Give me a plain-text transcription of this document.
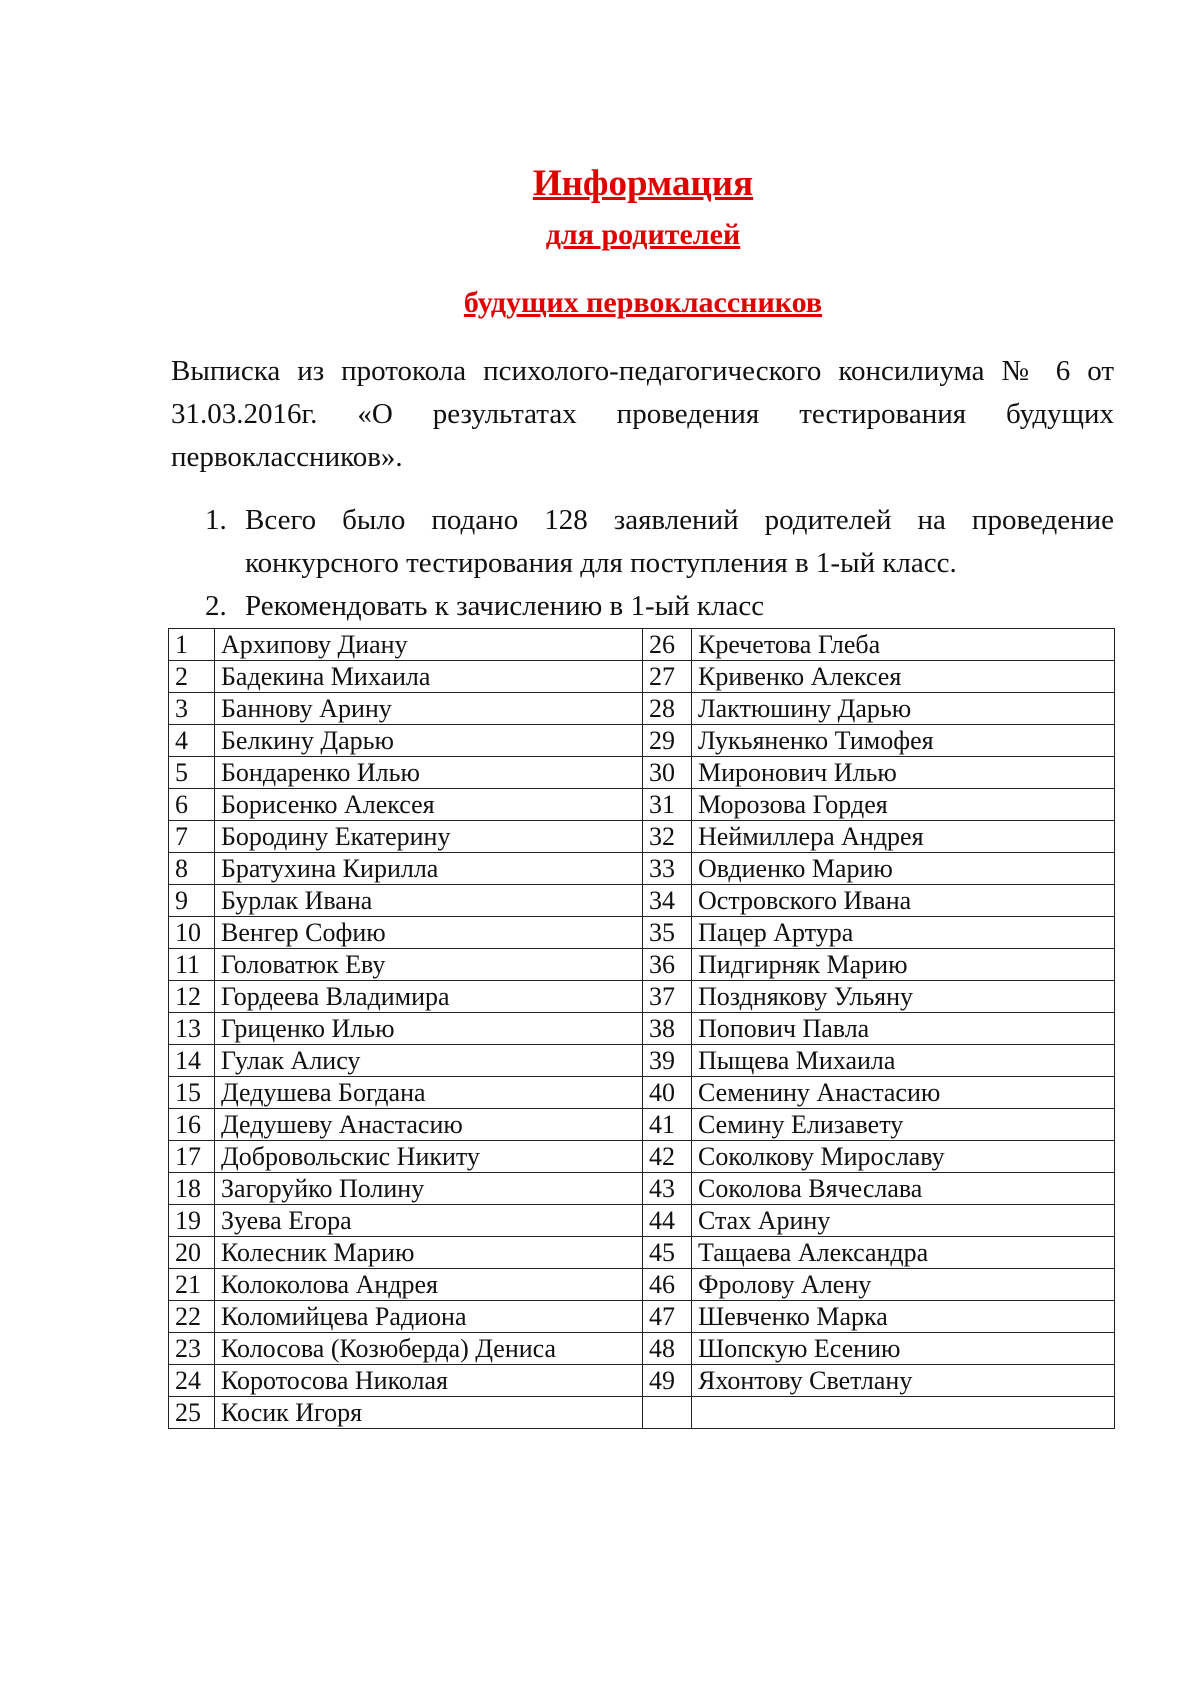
Информация
для родителей
будущих первоклассников
Выписка из протокола психолого-педагогического консилиума № 6 от 31.03.2016г. «О результатах проведения тестирования будущих первоклассников».
1. Всего было подано 128 заявлений родителей на проведение конкурсного тестирования для поступления в 1-ый класс.
2. Рекомендовать к зачислению в 1-ый класс
1	Архипову Диану	26	Кречетова Глеба
2	Бадекина Михаила	27	Кривенко Алексея
3	Баннову Арину	28	Лактюшину Дарью
4	Белкину Дарью	29	Лукьяненко Тимофея
5	Бондаренко Илью	30	Миронович Илью
6	Борисенко Алексея	31	Морозова Гордея
7	Бородину Екатерину	32	Неймиллера Андрея
8	Братухина Кирилла	33	Овдиенко Марию
9	Бурлак Ивана	34	Островского Ивана
10	Венгер Софию	35	Пацер Артура
11	Головатюк Еву	36	Пидгирняк Марию
12	Гордеева Владимира	37	Позднякову Ульяну
13	Гриценко Илью	38	Попович Павла
14	Гулак Алису	39	Пыщева Михаила
15	Дедушева Богдана	40	Семенину Анастасию
16	Дедушеву Анастасию	41	Семину Елизавету
17	Добровольскис Никиту	42	Соколкову Мирославу
18	Загоруйко Полину	43	Соколова Вячеслава
19	Зуева Егора	44	Стах Арину
20	Колесник Марию	45	Тащаева Александра
21	Колоколова Андрея	46	Фролову Алену
22	Коломийцева Радиона	47	Шевченко Марка
23	Колосова (Козюберда) Дениса	48	Шопскую Есению
24	Коротосова Николая	49	Яхонтову Светлану
25	Косик Игоря		
